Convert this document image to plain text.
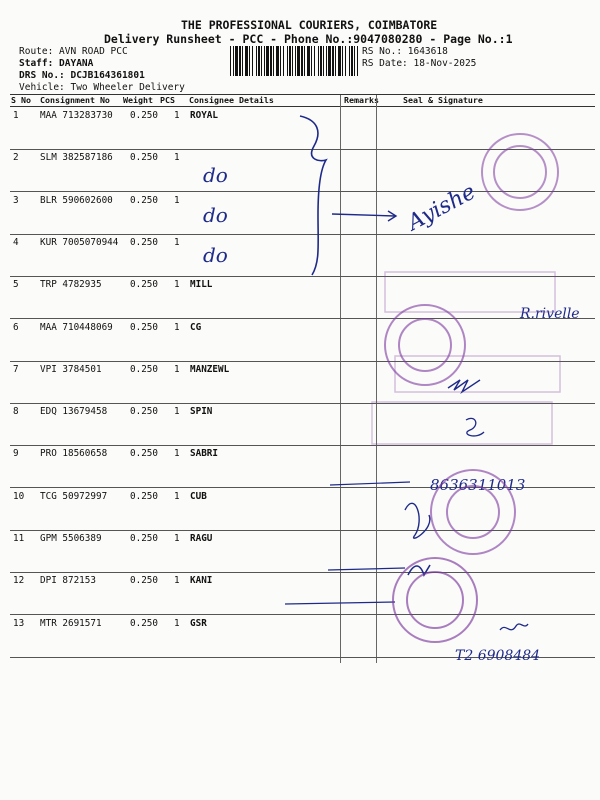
THE PROFESSIONAL COURIERS, COIMBATORE
Delivery Runsheet - PCC - Phone No.:9047080280 - Page No.:1
Route: AVN ROAD PCC
Staff: DAYANA
DRS No.: DCJB164361801
Vehicle: Two Wheeler Delivery
RS No.: 1643618
RS Date: 18-Nov-2025
S No Consignment No Weight PCS Consignee Details	Remarks	Seal & Signature
1 MAA 713283730 0.250 1 ROYAL
2 SLM 382587186 0.250 1
3 BLR 590602600 0.250 1
4 KUR 7005070944 0.250 1
5 TRP 4782935	0.250 1 MILL
6 MAA 710448069 0.250 1 CG
7 VPI 3784501	0.250 1 MANZEWL
8 EDQ 13679458 0.250 1 SPIN
9 PRO 18560658 0.250 1 SABRI
10 TCG 50972997 0.250 1 CUB
11 GPM 5506389	0.250 1 RAGU
12 DPI 872153	0.250 1 KANI
13 MTR 2691571	0.250 1 GSR
do
do
do
Ayishe
R.rivelle
8636311013
T2 6908484
